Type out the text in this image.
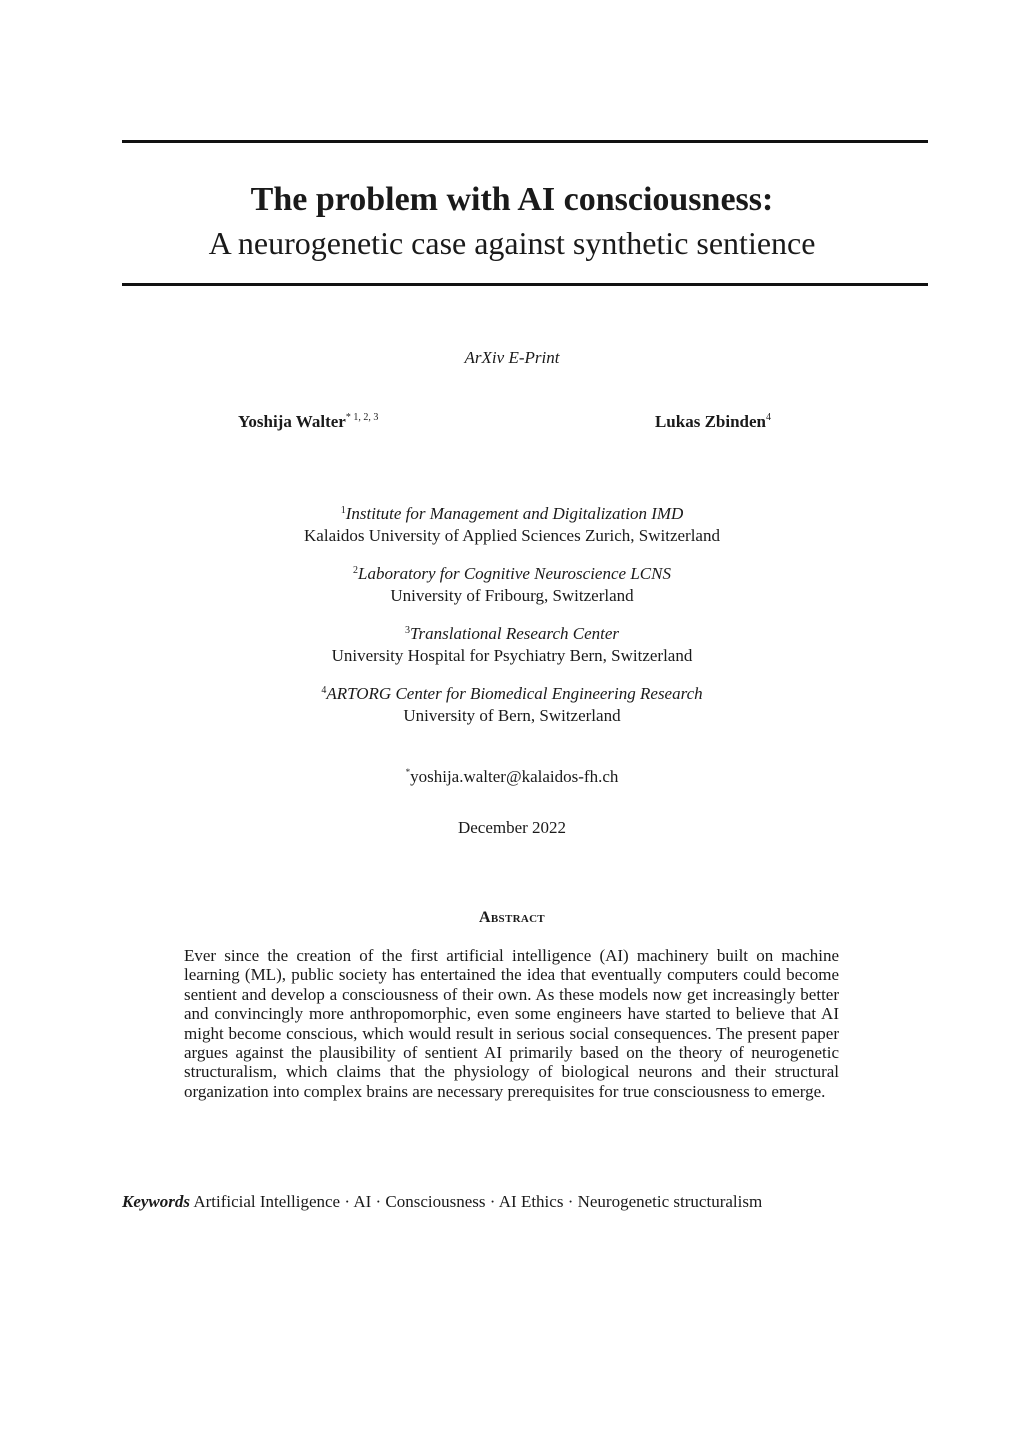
The problem with AI consciousness:
A neurogenetic case against synthetic sentience
ArXiv E-Print
Yoshija Walter$^{* 1, 2, 3}$	Lukas Zbinden$^4$
$^1$Institute for Management and Digitalization IMD
Kalaidos University of Applied Sciences Zurich, Switzerland
$^2$Laboratory for Cognitive Neuroscience LCNS
University of Fribourg, Switzerland
$^3$Translational Research Center
University Hospital for Psychiatry Bern, Switzerland
$^4$ARTORG Center for Biomedical Engineering Research
University of Bern, Switzerland
*yoshija.walter@kalaidos-fh.ch
December 2022
Abstract
Ever since the creation of the first artificial intelligence (AI) machinery built on machine learning (ML), public society has entertained the idea that eventually computers could become sentient and develop a consciousness of their own. As these models now get increasingly better and convincingly more anthropomorphic, even some engineers have started to believe that AI might become conscious, which would result in serious social consequences. The present paper argues against the plausibility of sentient AI primarily based on the theory of neurogenetic structuralism, which claims that the physiology of biological neurons and their structural organization into complex brains are necessary prerequisites for true consciousness to emerge.
Keywords Artificial Intelligence · AI · Consciousness · AI Ethics · Neurogenetic structuralism
